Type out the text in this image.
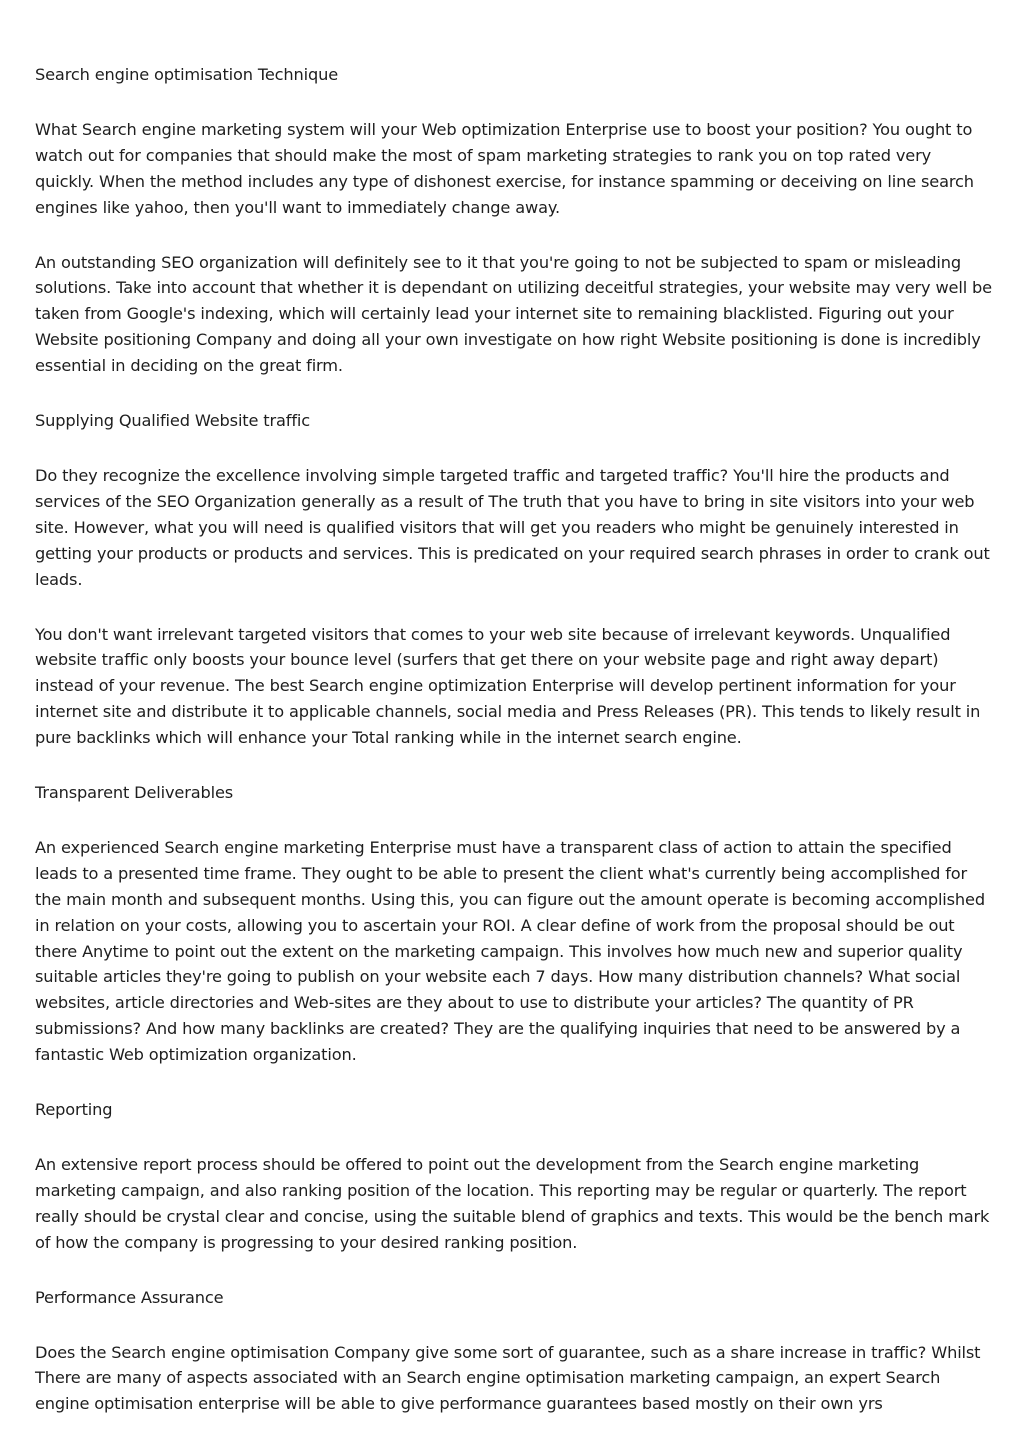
Search engine optimisation Technique

What Search engine marketing system will your Web optimization Enterprise use to boost your position? You ought to watch out for companies that should make the most of spam marketing strategies to rank you on top rated very quickly. When the method includes any type of dishonest exercise, for instance spamming or deceiving on line search engines like yahoo, then you'll want to immediately change away.

An outstanding SEO organization will definitely see to it that you're going to not be subjected to spam or misleading solutions. Take into account that whether it is dependant on utilizing deceitful strategies, your website may very well be taken from Google's indexing, which will certainly lead your internet site to remaining blacklisted. Figuring out your Website positioning Company and doing all your own investigate on how right Website positioning is done is incredibly essential in deciding on the great firm.

Supplying Qualified Website traffic

Do they recognize the excellence involving simple targeted traffic and targeted traffic? You'll hire the products and services of the SEO Organization generally as a result of The truth that you have to bring in site visitors into your web site. However, what you will need is qualified visitors that will get you readers who might be genuinely interested in getting your products or products and services. This is predicated on your required search phrases in order to crank out leads.

You don't want irrelevant targeted visitors that comes to your web site because of irrelevant keywords. Unqualified website traffic only boosts your bounce level (surfers that get there on your website page and right away depart) instead of your revenue. The best Search engine optimization Enterprise will develop pertinent information for your internet site and distribute it to applicable channels, social media and Press Releases (PR). This tends to likely result in pure backlinks which will enhance your Total ranking while in the internet search engine.

Transparent Deliverables

An experienced Search engine marketing Enterprise must have a transparent class of action to attain the specified leads to a presented time frame. They ought to be able to present the client what's currently being accomplished for the main month and subsequent months. Using this, you can figure out the amount operate is becoming accomplished in relation on your costs, allowing you to ascertain your ROI. A clear define of work from the proposal should be out there Anytime to point out the extent on the marketing campaign. This involves how much new and superior quality suitable articles they're going to publish on your website each 7 days. How many distribution channels? What social websites, article directories and Web-sites are they about to use to distribute your articles? The quantity of PR submissions? And how many backlinks are created? They are the qualifying inquiries that need to be answered by a fantastic Web optimization organization.

Reporting

An extensive report process should be offered to point out the development from the Search engine marketing marketing campaign, and also ranking position of the location. This reporting may be regular or quarterly. The report really should be crystal clear and concise, using the suitable blend of graphics and texts. This would be the bench mark of how the company is progressing to your desired ranking position.

Performance Assurance

Does the Search engine optimisation Company give some sort of guarantee, such as a share increase in traffic? Whilst There are many of aspects associated with an Search engine optimisation marketing campaign, an expert Search engine optimisation enterprise will be able to give performance guarantees based mostly on their own yrs
